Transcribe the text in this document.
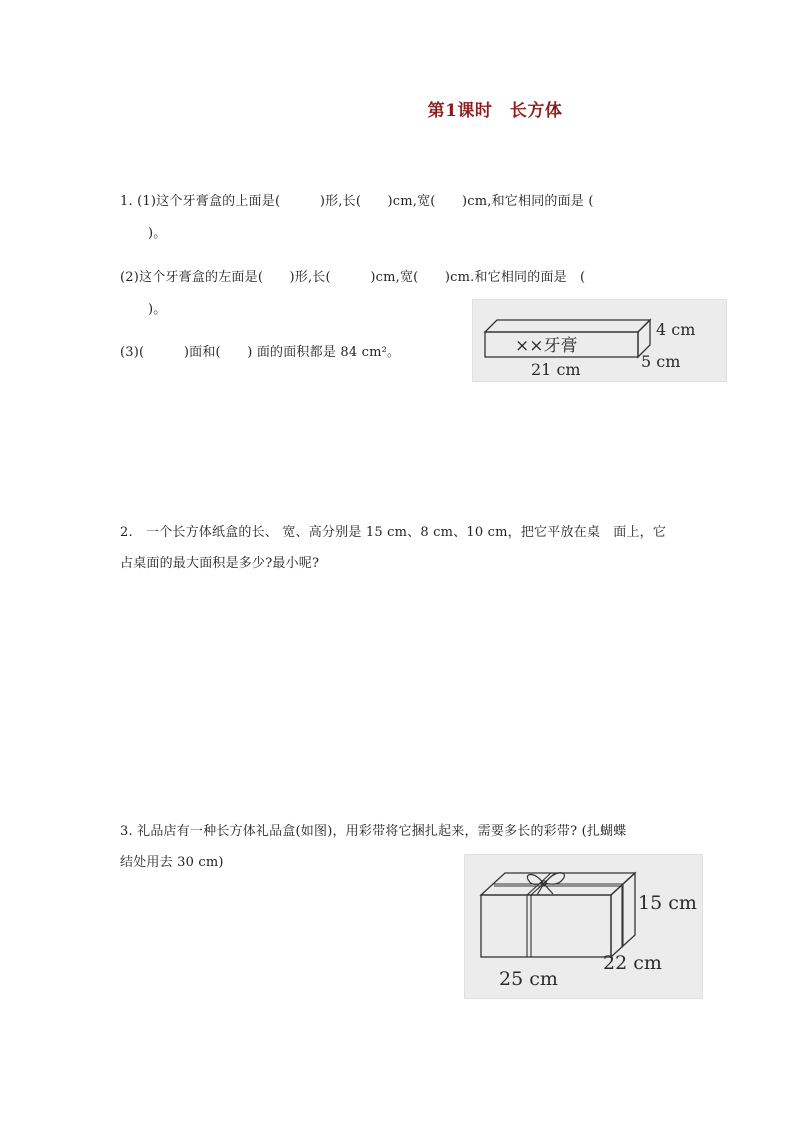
第1课时　长方体
1. (1)这个牙膏盒的上面是(　　　)形,长(　　)cm,宽(　　)cm,和它相同的面是 (
)。
(2)这个牙膏盒的左面是(　　)形,长(　　　)cm,宽(　　)cm.和它相同的面是　(
)。
(3)(　　　)面和(　　) 面的面积都是 84 cm²。	××牙膏
4 cm
5 cm
21 cm
2.　一个长方体纸盒的长、 宽、高分别是 15 cm、8 cm、10 cm，把它平放在桌　面上，它
占桌面的最大面积是多少?最小呢?
3. 礼品店有一种长方体礼品盒(如图)，用彩带将它捆扎起来，需要多长的彩带? (扎蝴蝶
结处用去 30 cm)
15 cm
22 cm
25 cm
